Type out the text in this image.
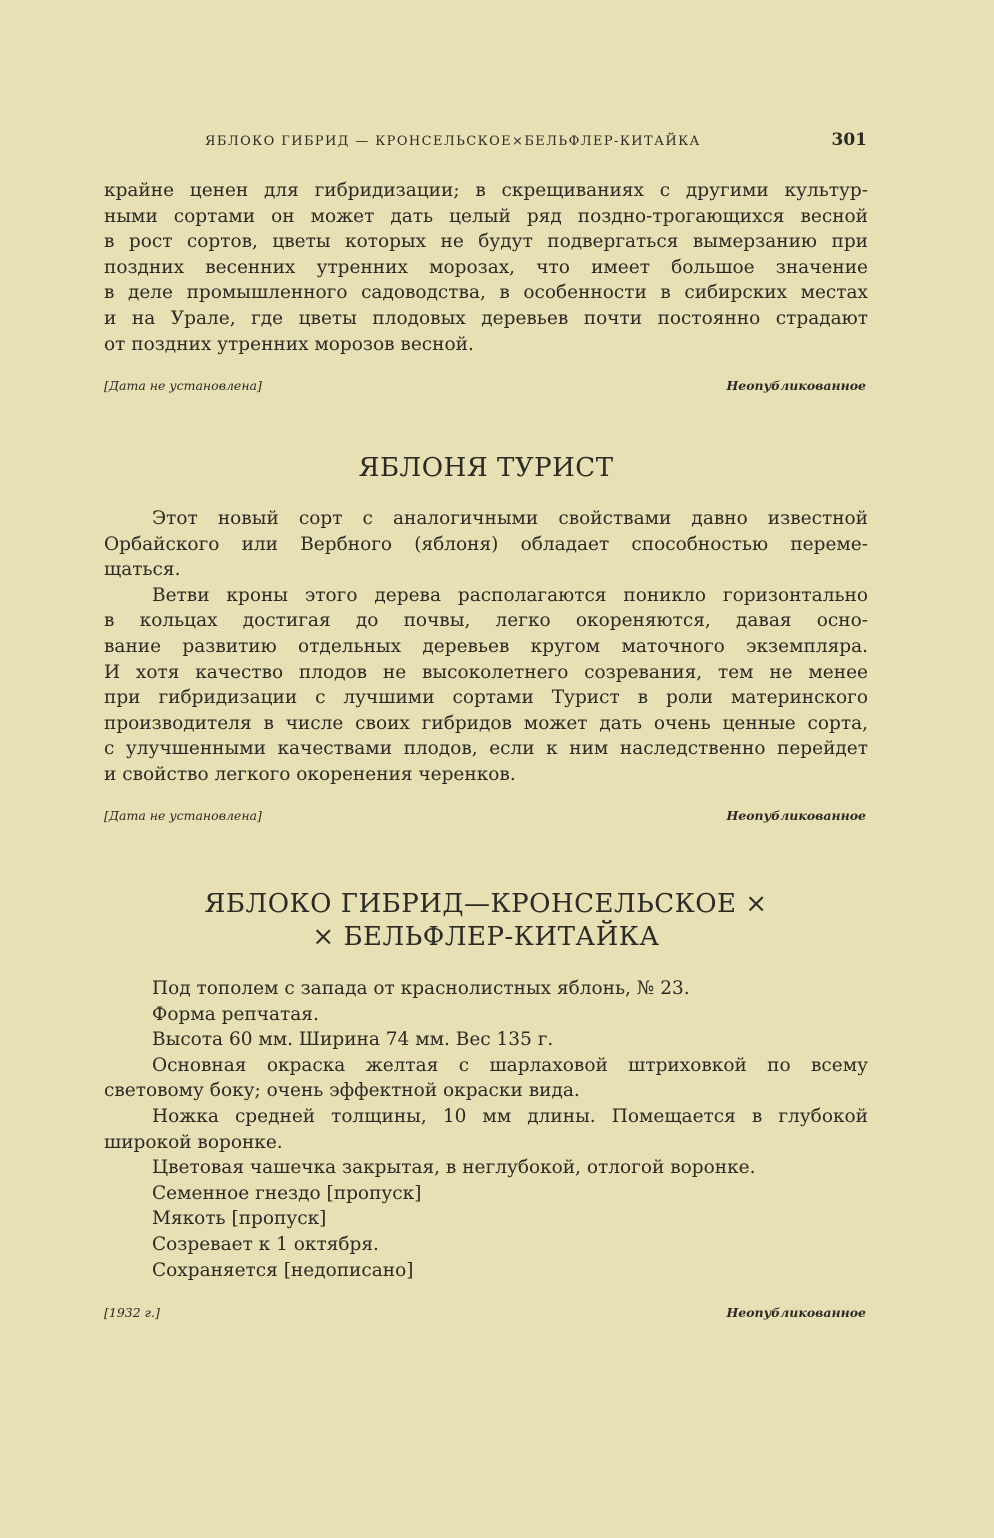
ЯБЛОКО ГИБРИД — КРОНСЕЛЬСКОЕ×БЕЛЬФЛЕР-КИТАЙКА	301
крайне ценен для гибридизации; в скрещиваниях с другими культур-
ными сортами он может дать целый ряд поздно-трогающихся весной
в рост сортов, цветы которых не будут подвергаться вымерзанию при
поздних весенних утренних морозах, что имеет большое значение
в деле промышленного садоводства, в особенности в сибирских местах
и на Урале, где цветы плодовых деревьев почти постоянно страдают
от поздних утренних морозов весной.
[Дата не установлена]	Неопубликованное
ЯБЛОНЯ ТУРИСТ
Этот новый сорт с аналогичными свойствами давно известной
Орбайского или Вербного (яблоня) обладает способностью переме-
щаться.
Ветви кроны этого дерева располагаются поникло горизонтально
в кольцах достигая до почвы, легко окореняются, давая осно-
вание развитию отдельных деревьев кругом маточного экземпляра.
И хотя качество плодов не высоколетнего созревания, тем не менее
при гибридизации с лучшими сортами Турист в роли материнского
производителя в числе своих гибридов может дать очень ценные сорта,
с улучшенными качествами плодов, если к ним наследственно перейдет
и свойство легкого окоренения черенков.
[Дата не установлена]	Неопубликованное
ЯБЛОКО ГИБРИД—КРОНСЕЛЬСКОЕ ×
× БЕЛЬФЛЕР-КИТАЙКА
Под тополем с запада от краснолистных яблонь, № 23.
Форма репчатая.
Высота 60 мм. Ширина 74 мм. Вес 135 г.
Основная окраска желтая с шарлаховой штриховкой по всему
световому боку; очень эффектной окраски вида.
Ножка средней толщины, 10 мм длины. Помещается в глубокой
широкой воронке.
Цветовая чашечка закрытая, в неглубокой, отлогой воронке.
Семенное гнездо [пропуск]
Мякоть [пропуск]
Созревает к 1 октября.
Сохраняется [недописано]
[1932 г.]	Неопубликованное
